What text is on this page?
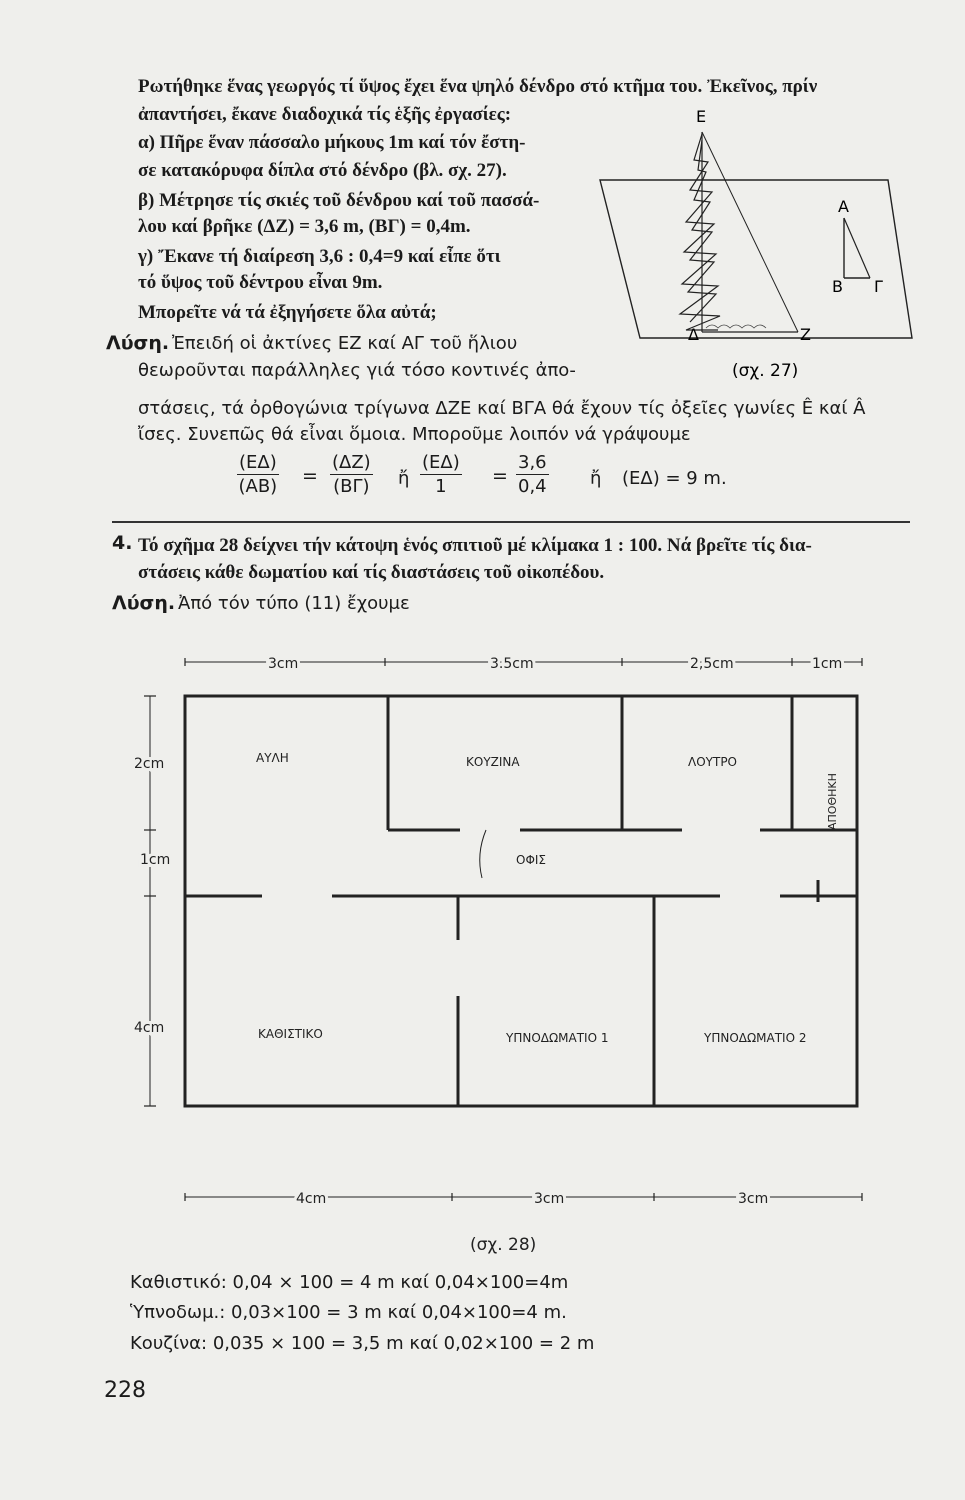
Ρωτήθηκε ἕνας γεωργός τί ὕψος ἔχει ἕνα ψηλό δένδρο στό κτῆμα του. Ἐκεῖνος, πρίν
ἀπαντήσει, ἔκανε διαδοχικά τίς ἑξῆς ἐργασίες:
α) Πῆρε ἕναν πάσσαλο μήκους 1m καί τόν ἔστη-
σε κατακόρυφα δίπλα στό δένδρο (βλ. σχ. 27).
β) Μέτρησε τίς σκιές τοῦ δένδρου καί τοῦ πασσά-
λου καί βρῆκε (ΔΖ) = 3,6 m, (ΒΓ) = 0,4m.
γ) Ἔκανε τή διαίρεση 3,6 : 0,4=9 καί εἶπε ὅτι
τό ὕψος τοῦ δέντρου εἶναι 9m.
Μπορεῖτε νά τά ἐξηγήσετε ὅλα αὐτά;
Λύση. Ἐπειδή οἱ ἀκτίνες ΕΖ καί ΑΓ τοῦ ἥλιου
θεωροῦνται παράλληλες γιά τόσο κοντινές ἀπο-
στάσεις, τά ὀρθογώνια τρίγωνα ΔΖΕ καί ΒΓΑ θά ἔχουν τίς ὀξεῖες γωνίες Ê καί Â
ἴσες. Συνεπῶς θά εἶναι ὅμοια. Μποροῦμε λοιπόν νά γράψουμε
$\frac{(E\Delta)}{(AB)} = \frac{(\Delta Z)}{(B\Gamma)}$ ἤ $\frac{(E\Delta)}{1} = \frac{3,6}{0,4}$ ἤ (ΕΔ) = 9 m.
Ε
Α
Β Γ
Δ	Ζ
(σχ. 27)
4. Τό σχῆμα 28 δείχνει τήν κάτοψη ἑνός σπιτιοῦ μέ κλίμακα 1 : 100. Νά βρεῖτε τίς δια-
στάσεις κάθε δωματίου καί τίς διαστάσεις τοῦ οἰκοπέδου.
Λύση. Ἀπό τόν τύπο (11) ἔχουμε
3cm	3.5cm	2,5cm	1cm
2cm
1cm
4cm
4cm	3cm	3cm
ΑΥΛΗ	ΚΟΥΖΙΝΑ	ΛΟΥΤΡΟ
ΑΠΟΘΗΚΗ
ΟΦΙΣ
ΚΑΘΙΣΤΙΚΟ	ΥΠΝΟΔΩΜΑΤΙΟ 1	ΥΠΝΟΔΩΜΑΤΙΟ 2
(σχ. 28)
Καθιστικό: 0,04 × 100 = 4 m καί 0,04×100=4m
Ὑπνοδωμ.: 0,03×100 = 3 m καί 0,04×100=4 m.
Κουζίνα: 0,035 × 100 = 3,5 m καί 0,02×100 = 2 m
228
